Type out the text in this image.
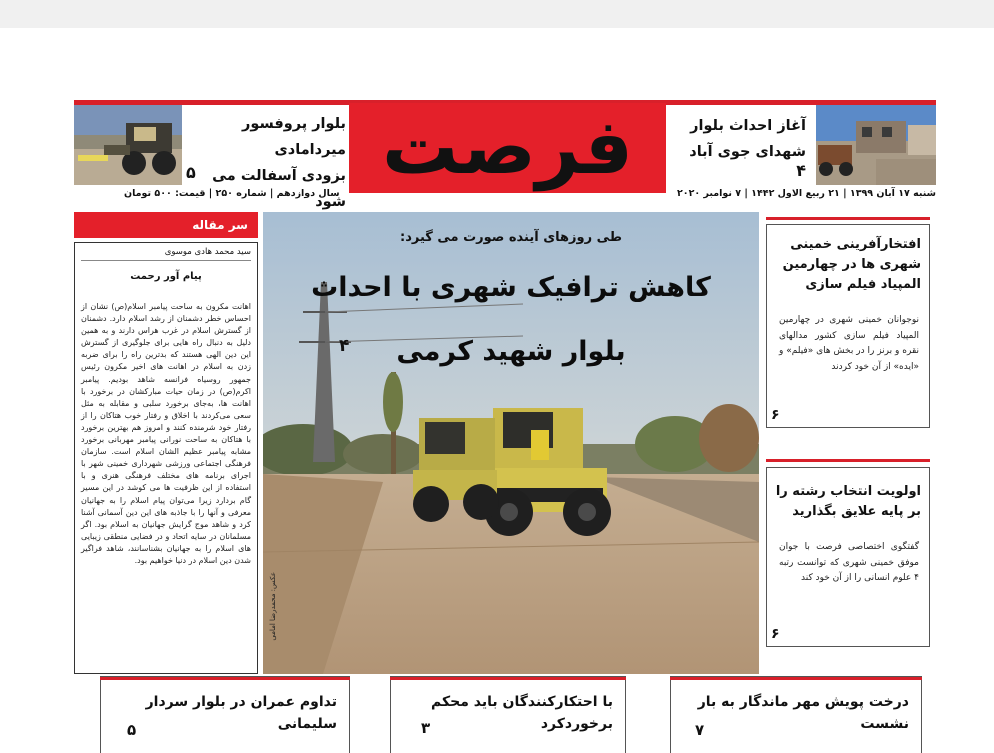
بلوار پروفسور میردامادی
بزودی آسفالت می شود
۵	فرصت	آغاز احداث بلوار
شهدای جوی آباد
۴
شنبه ۱۷ آبان ۱۳۹۹ | ۲۱ ربیع الاول ۱۴۴۲ | ۷ نوامبر ۲۰۲۰
سال دوازدهم | شماره ۲۵۰ | قیمت: ۵۰۰ تومان
سر مقاله
سید محمد هادی موسوی
پیام آور رحمت
اهانت مکرون به ساحت پیامبر اسلام(ص) نشان از احساس خطر دشمنان از رشد اسلام دارد. دشمنان از گسترش اسلام در غرب هراس دارند و به همین دلیل به دنبال راه هایی برای جلوگیری از گسترش این دین الهی هستند که بدترین راه را برای ضربه زدن به اسلام در اهانت های اخیر مکرون رئیس جمهور روسیاه فرانسه شاهد بودیم. پیامبر اکرم(ص) در زمان حیات مبارکشان در برخورد با اهانت ها، به‌جای برخورد سلبی و مقابله به مثل سعی می‌کردند با اخلاق و رفتار خوب هتاکان را از رفتار خود شرمنده کنند و امروز هم بهترین برخورد با هتاکان به ساحت نورانی پیامبر مهربانی برخورد مشابه پیامبر عظیم الشان اسلام است. سازمان فرهنگی اجتماعی ورزشی شهرداری خمینی شهر با اجرای برنامه های مختلف فرهنگی هنری و با استفاده از این ظرفیت ها می کوشد در این مسیر گام بردارد زیرا می‌توان پیام اسلام را به جهانیان معرفی و آنها را با جاذبه های این دین آسمانی آشنا کرد و شاهد موج گرایش جهانیان به اسلام بود. اگر مسلمانان در سایه اتحاد و در فضایی منطقی زیبایی های اسلام را به جهانیان بشناسانند، شاهد فراگیر شدن دین اسلام در دنیا خواهیم بود.
طی روزهای آینده صورت می گیرد:
کاهش ترافیک شهری با احداث
بلوار شهید کرمی
۴
عکس: محمدرضا امامی
افتخارآفرینی خمینی شهری ها در چهارمین المپیاد فیلم سازی
نوجوانان خمینی شهری در چهارمین المپیاد فیلم سازی کشور مدالهای نقره و برنز را در بخش های «فیلم» و «ایده» از آن خود کردند
۶
اولویت انتخاب رشته را بر پایه علایق بگذارید
گفتگوی اختصاصی فرصت با جوان موفق خمینی شهری که توانست رتبه ۴ علوم انسانی را از آن خود کند
۶
تداوم عمران در بلوار سردار سلیمانی
۵
با احتکارکنندگان باید محکم برخوردکرد
۳
درخت پویش مهر ماندگار به بار نشست
۷
